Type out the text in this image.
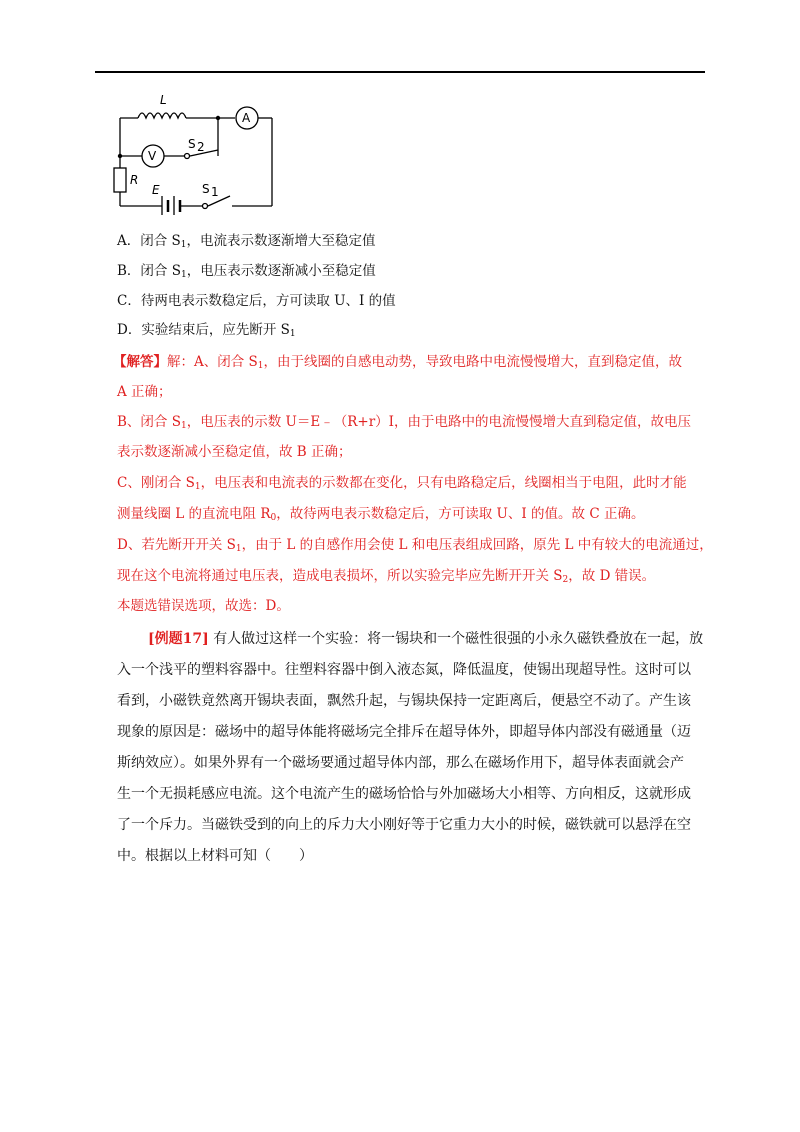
L
A
V
S 2
R
E	S 1
A．闭合 $S_1$，电流表示数逐渐增大至稳定值
B．闭合 $S_1$，电压表示数逐渐减小至稳定值
C．待两电表示数稳定后，方可读取 U、I 的值
D．实验结束后，应先断开 $S_1$
【解答】解：A、闭合 $S_1$，由于线圈的自感电动势，导致电路中电流慢慢增大，直到稳定值，故
A 正确；
B、闭合 $S_1$，电压表的示数 U＝E﹣（R+r）I，由于电路中的电流慢慢增大直到稳定值，故电压
表示数逐渐减小至稳定值，故 B 正确；
C、刚闭合 $S_1$，电压表和电流表的示数都在变化，只有电路稳定后，线圈相当于电阻，此时才能
测量线圈 L 的直流电阻 $R_0$，故待两电表示数稳定后，方可读取 U、I 的值。故 C 正确。
D、若先断开开关 $S_1$，由于 L 的自感作用会使 L 和电压表组成回路，原先 L 中有较大的电流通过，
现在这个电流将通过电压表，造成电表损坏，所以实验完毕应先断开开关 $S_2$，故 D 错误。
本题选错误选项，故选：D。
[例题17] 有人做过这样一个实验：将一锡块和一个磁性很强的小永久磁铁叠放在一起，放
入一个浅平的塑料容器中。往塑料容器中倒入液态氮，降低温度，使锡出现超导性。这时可以
看到，小磁铁竟然离开锡块表面，飘然升起，与锡块保持一定距离后，便悬空不动了。产生该
现象的原因是：磁场中的超导体能将磁场完全排斥在超导体外，即超导体内部没有磁通量（迈
斯纳效应）。如果外界有一个磁场要通过超导体内部，那么在磁场作用下，超导体表面就会产
生一个无损耗感应电流。这个电流产生的磁场恰恰与外加磁场大小相等、方向相反，这就形成
了一个斥力。当磁铁受到的向上的斥力大小刚好等于它重力大小的时候，磁铁就可以悬浮在空
中。根据以上材料可知（　　）
